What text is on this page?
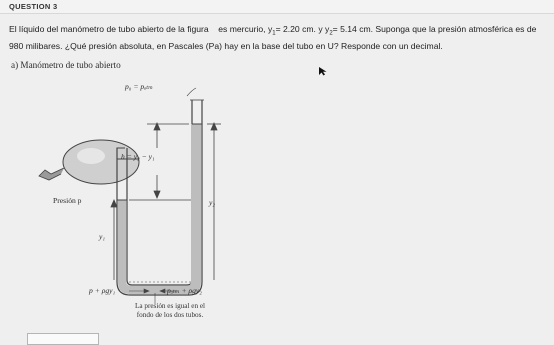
QUESTION 3
El líquido del manómetro de tubo abierto de la figura es mercurio, $y_1= 2.20$ cm. y $y_2= 5.14$ cm. Suponga que la presión atmosférica es de
980 milibares. ¿Qué presión absoluta, en Pascales (Pa) hay en la base del tubo en U? Responde con un decimal.
a) Manómetro de tubo abierto
p₀ = pₐₜₘ
h = y₂ − y₁
Presión p	y₂
y₁
p + ρgy₁	pₐₜₘ + ρgy₂
La presión es igual en el
fondo de los dos tubos.
